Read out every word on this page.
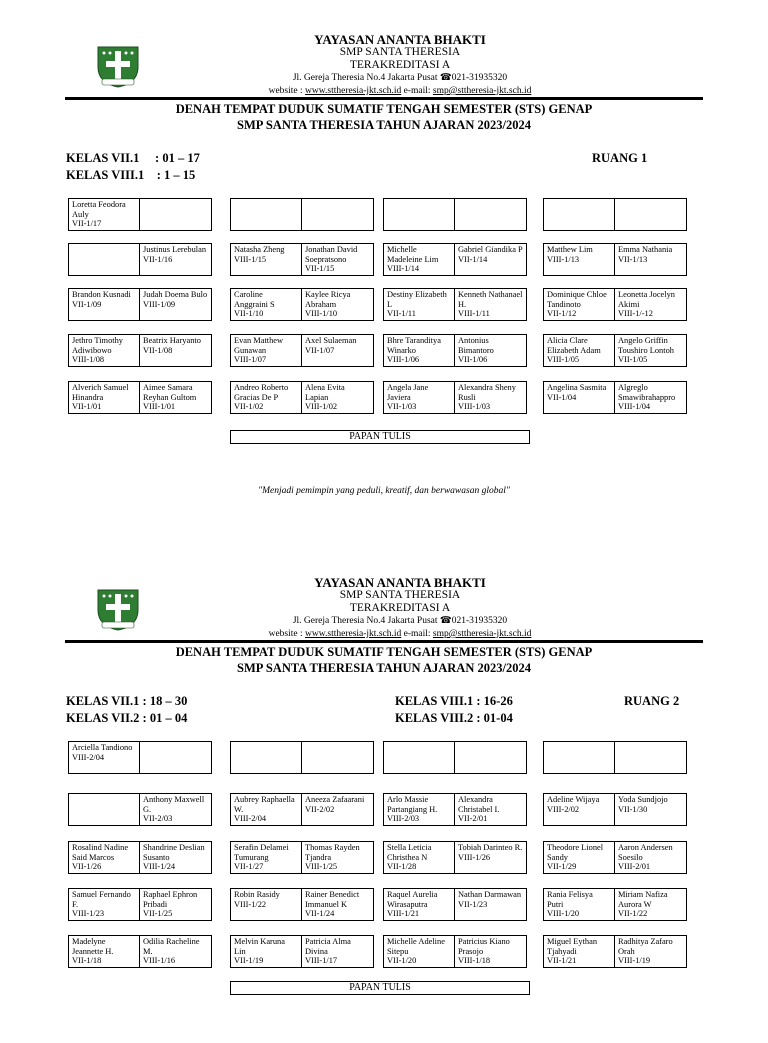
YAYASAN ANANTA BHAKTI
SMP SANTA THERESIA
TERAKREDITASI A
Jl. Gereja Theresia No.4 Jakarta Pusat ☎021-31935320
website : www.sttheresia-jkt.sch.id e-mail: smp@sttheresia-jkt.sch.id
DENAH TEMPAT DUDUK SUMATIF TENGAH SEMESTER (STS) GENAP
SMP SANTA THERESIA TAHUN AJARAN 2023/2024
KELAS VII.1     : 01 – 17
KELAS VIII.1    : 1 – 15
RUANG 1
Loretta Feodora Auly
VII-1/17
Justinus Lerebulan
VII-1/16
Natasha Zheng
VIII-1/15
Jonathan David Soepratsono
VII-1/15
Michelle Madeleine Lim
VIII-1/14
Gabriel Giandika P
VII-1/14
Matthew Lim
VIII-1/13
Emma Nathania
VII-1/13
Brandon Kusnadi
VII-1/09
Judah Doema Bulo
VIII-1/09
Caroline Anggraini S
VII-1/10
Kaylee Ricya Abraham
VIII-1/10
Destiny Elizabeth L
VII-1/11
Kenneth Nathanael H.
VIII-1/11
Dominique Chloe Tandinoto
VII-1/12
Leonetta Jocelyn Akimi
VIII-1/-12
Jethro Timothy Adiwibowo
VIII-1/08
Beatrix Haryanto
VII-1/08
Evan Matthew Gunawan
VIII-1/07
Axel Sulaeman
VII-1/07
Bhre Tarandityа Winarko
VIII-1/06
Antonius Bimantoro
VII-1/06
Alicia Clare Elizabeth Adam
VIII-1/05
Angelo Griffin Toushiro Lontoh
VII-1/05
Alverich Samuel Hinandra
VII-1/01
Aimee Samara Reyhan Gultom
VIII-1/01
Andreo Roberto Gracias De P
VII-1/02
Alena Evita Lapian
VIII-1/02
Angela Jane Javiera
VII-1/03
Alexandra Sheny Rusli
VIII-1/03
Angelina Sasmita
VII-1/04
Algreglo Smawibrahappro
VIII-1/04
PAPAN TULIS
"Menjadi pemimpin yang peduli, kreatif, dan berwawasan global"
YAYASAN ANANTA BHAKTI
SMP SANTA THERESIA
TERAKREDITASI A
Jl. Gereja Theresia No.4 Jakarta Pusat ☎021-31935320
website : www.sttheresia-jkt.sch.id e-mail: smp@sttheresia-jkt.sch.id
DENAH TEMPAT DUDUK SUMATIF TENGAH SEMESTER (STS) GENAP
SMP SANTA THERESIA TAHUN AJARAN 2023/2024
KELAS VII.1 : 18 – 30
KELAS VII.2 : 01 – 04
KELAS VIII.1 : 16-26
KELAS VIII.2 : 01-04
RUANG 2
Arciella Tandiono
VIII-2/04
Anthony Maxwell G.
VII-2/03
Aubrey Raphaella W.
VIII-2/04
Aneeza Zafaarani
VII-2/02
Arlo Massie Partangiang H.
VIII-2/03
Alexandra Christabel I.
VII-2/01
Adeline Wijaya
VIII-2/02
Yoda Sundjojo
VII-1/30
Rosalind Nadine Said Marcos
VII-1/26
Shandrine Deslian Susanto
VIII-1/24
Serafin Delamei Tumurang
VII-1/27
Thomas Rayden Tjandra
VIII-1/25
Stella Leticia Christhea N
VII-1/28
Tobiah Darinteo R.
VIII-1/26
Theodore Lionel Sandy
VII-1/29
Aaron Andersen Soesilo
VIII-2/01
Samuel Fernando F.
VIII-1/23
Raphael Ephron Pribadi
VII-1/25
Robin Rasidy
VIII-1/22
Rainer Benedict Immanuel K
VII-1/24
Raquel Aurelia Wirasaputra
VIII-1/21
Nathan Darmawan
VII-1/23
Rania Felisya Putri
VIII-1/20
Miriam Nafiza Aurora W
VII-1/22
Madelyne Jeannette H.
VII-1/18
Odilia Racheline M.
VIII-1/16
Melvin Karuna Lin
VII-1/19
Patricia Alma Divina
VIII-1/17
Michelle Adeline Sitepu
VII-1/20
Patricius Kiano Prasojo
VIII-1/18
Miguel Eythan Tjahyadi
VII-1/21
Radhitya Zafaro Orah
VIII-1/19
PAPAN TULIS
